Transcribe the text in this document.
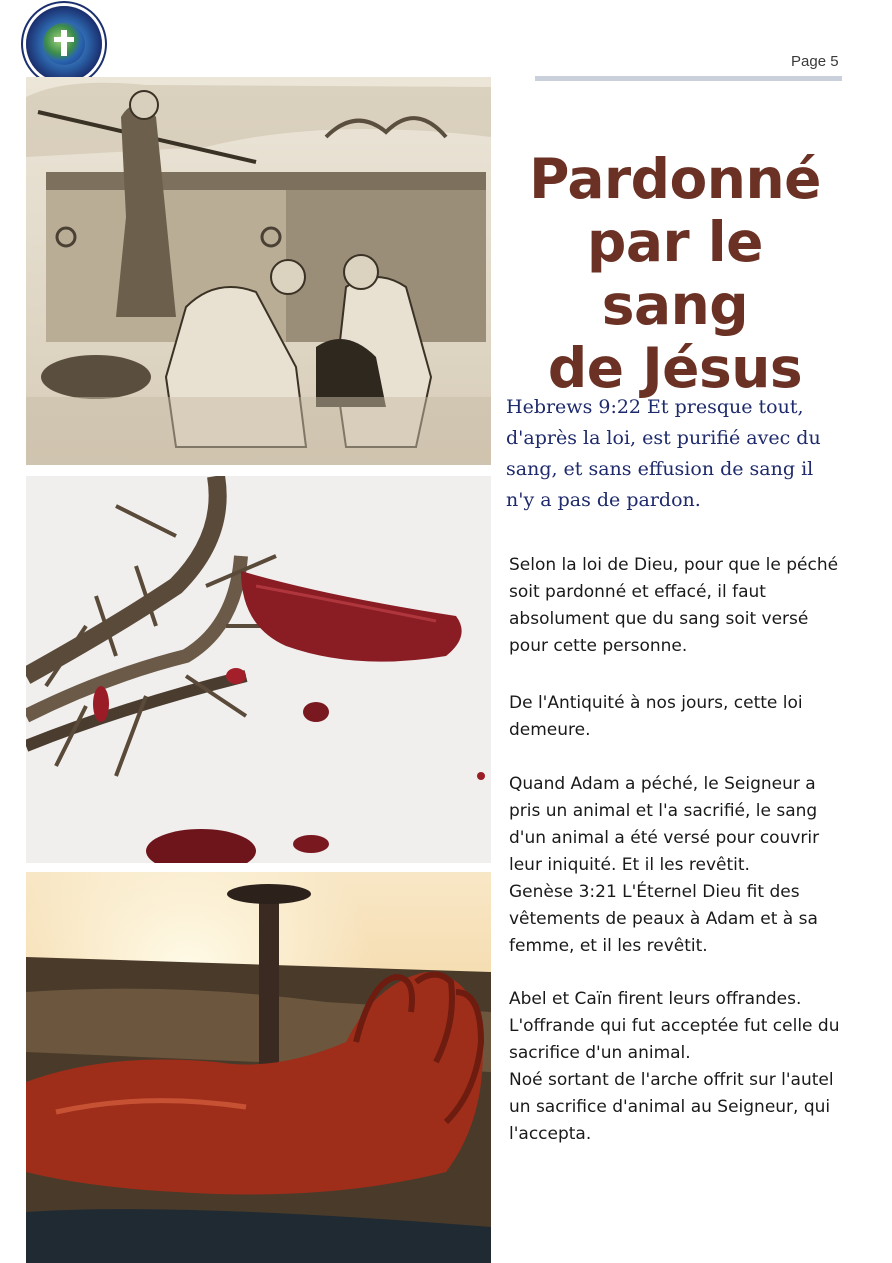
Page 5
Pardonné
par le sang
de Jésus
Hebrews 9:22 Et presque tout, d'après la loi, est purifié avec du sang, et sans effusion de sang il n'y a pas de pardon.
Selon la loi de Dieu, pour que le péché soit pardonné et effacé, il faut absolument que du sang soit versé pour cette personne.
De l'Antiquité à nos jours, cette loi demeure.
Quand Adam a péché, le Seigneur a pris un animal et l'a sacrifié, le sang d'un animal a été versé pour couvrir leur iniquité. Et il les revêtit.
Genèse 3:21 L'Éternel Dieu fit des vêtements de peaux à Adam et à sa femme, et il les revêtit.
Abel et Caïn firent leurs offrandes. L'offrande qui fut acceptée fut celle du sacrifice d'un animal.
Noé sortant de l'arche offrit sur l'autel un sacrifice d'animal au Seigneur, qui l'accepta.
